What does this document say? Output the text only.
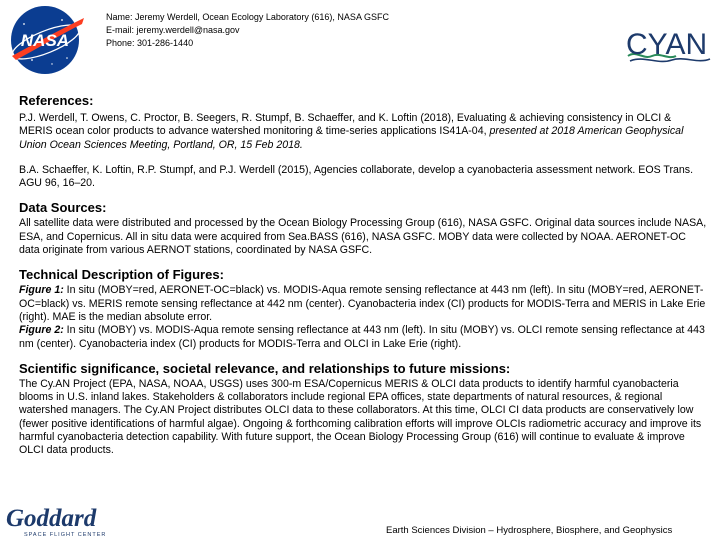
NASA
Name: Jeremy Werdell, Ocean Ecology Laboratory (616), NASA GSFC
E-mail: jeremy.werdell@nasa.gov
Phone: 301-286-1440	CYAN
References:

P.J. Werdell, T. Owens, C. Proctor, B. Seegers, R. Stumpf, B. Schaeffer, and K. Loftin (2018), Evaluating & achieving consistency in OLCI & MERIS ocean color products to advance watershed monitoring & time-series applications IS41A-04, presented at 2018 American Geophysical Union Ocean Sciences Meeting, Portland, OR, 15 Feb 2018.

B.A. Schaeffer, K. Loftin, R.P. Stumpf, and P.J. Werdell (2015), Agencies collaborate, develop a cyanobacteria assessment network. EOS Trans. AGU 96, 16–20.

Data Sources:

All satellite data were distributed and processed by the Ocean Biology Processing Group (616), NASA GSFC. Original data sources include NASA, ESA, and Copernicus. All in situ data were acquired from Sea.BASS (616), NASA GSFC. MOBY data were collected by NOAA. AERONET-OC data originate from various AERNOT stations, coordinated by NASA GSFC.

Technical Description of Figures:

Figure 1: In situ (MOBY=red, AERONET-OC=black) vs. MODIS-Aqua remote sensing reflectance at 443 nm (left). In situ (MOBY=red, AERONET-OC=black) vs. MERIS remote sensing reflectance at 442 nm (center). Cyanobacteria index (CI) products for MODIS-Terra and MERIS in Lake Erie (right). MAE is the median absolute error.

Figure 2: In situ (MOBY) vs. MODIS-Aqua remote sensing reflectance at 443 nm (left). In situ (MOBY) vs. OLCI remote sensing reflectance at 443 nm (center). Cyanobacteria index (CI) products for MODIS-Terra and OLCI in Lake Erie (right).

Scientific significance, societal relevance, and relationships to future missions:

The Cy.AN Project (EPA, NASA, NOAA, USGS) uses 300-m ESA/Copernicus MERIS & OLCI data products to identify harmful cyanobacteria blooms in U.S. inland lakes. Stakeholders & collaborators include regional EPA offices, state departments of natural resources, & regional watershed managers. The Cy.AN Project distributes OLCI data to these collaborators. At this time, OLCI CI data products are conservatively low (fewer positive identifications of harmful algae). Ongoing & forthcoming calibration efforts will improve OLCIs radiometric accuracy and improve its harmful cyanobacteria detection capability. With future support, the Ocean Biology Processing Group (616) will continue to evaluate & improve OLCI data products.

Goddard
SPACE FLIGHT CENTER	Earth Sciences Division – Hydrosphere, Biosphere, and Geophysics
